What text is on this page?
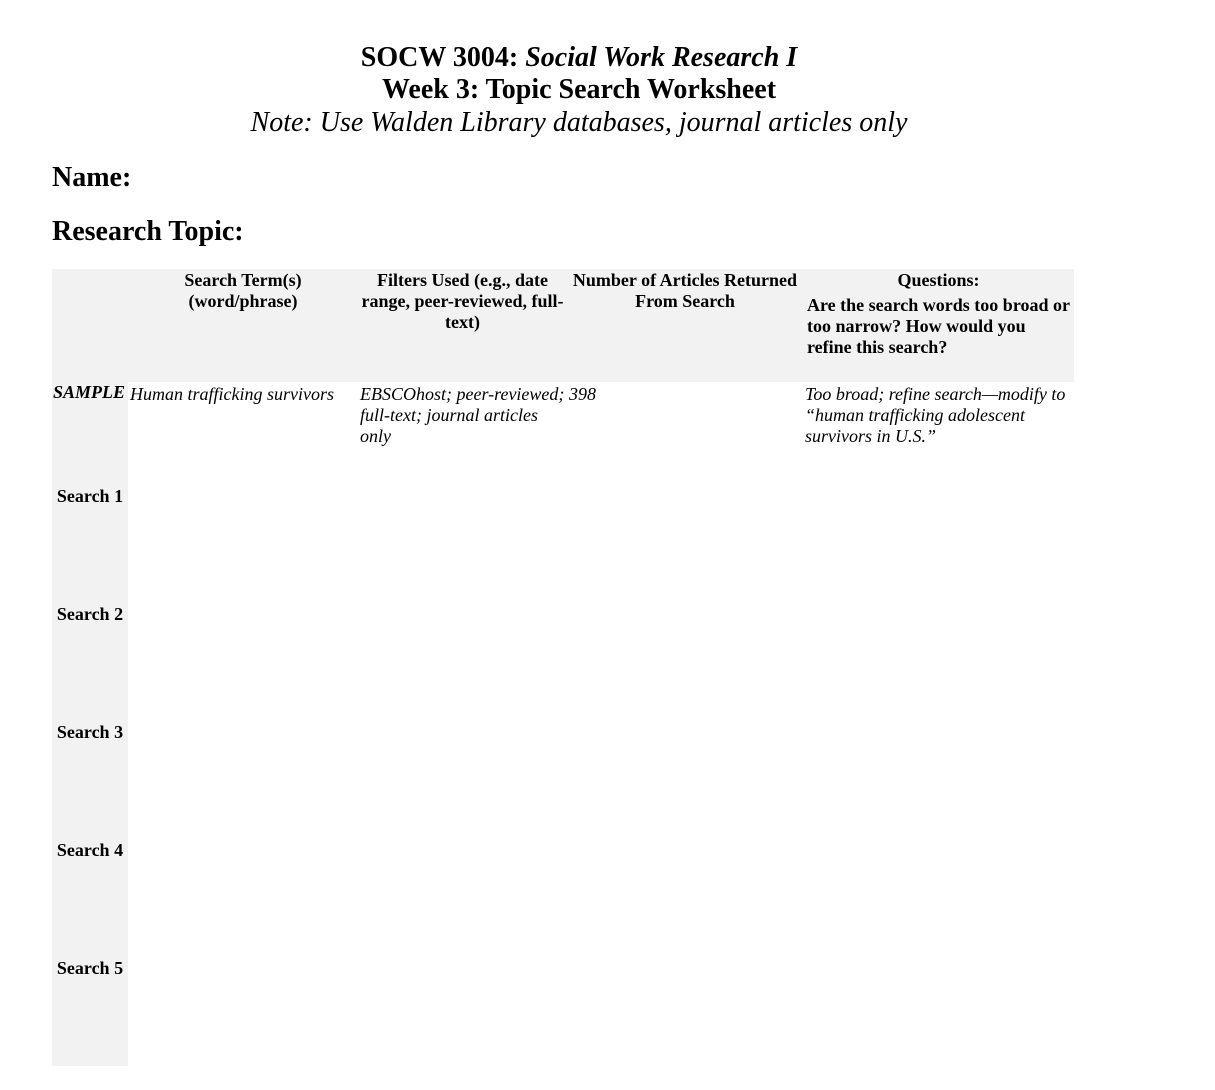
SOCW 3004: Social Work Research I

Week 3: Topic Search Worksheet

Note: Use Walden Library databases, journal articles only

Name:
Research Topic:

	Search Term(s) (word/phrase)	Filters Used (e.g., date range, peer-reviewed, full-text)	Number of Articles Returned From Search	Questions:
Are the search words too broad or too narrow? How would you refine this search?

SAMPLE	Human trafficking survivors	EBSCOhost; peer-reviewed; full-text; journal articles only	398	Too broad; refine search—modify to “human trafficking adolescent survivors in U.S.”
Search 1				
Search 2				
Search 3				
Search 4				
Search 5				
